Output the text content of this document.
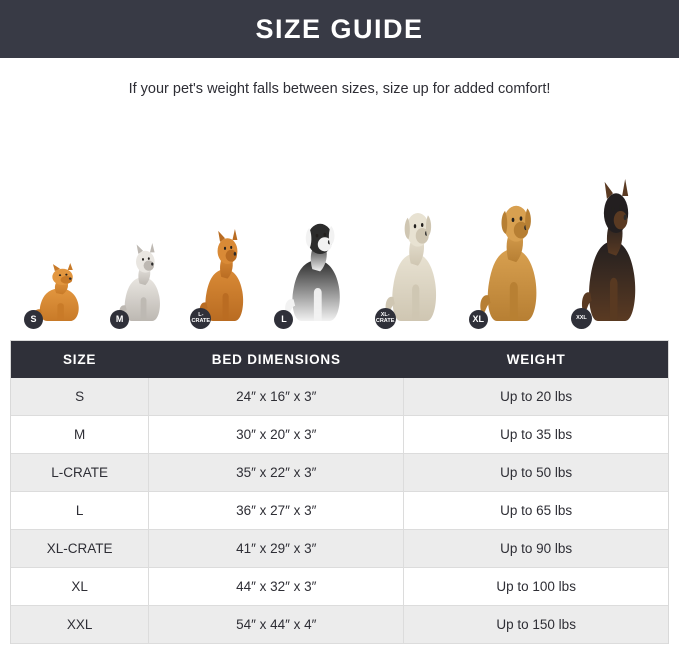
SIZE GUIDE
If your pet's weight falls between sizes, size up for added comfort!
S	M	L-CRATE	L	XL-CRATE	XL	XXL
SIZE	BED DIMENSIONS	WEIGHT
S	24″ x 16″ x 3″	Up to 20 lbs
M	30″ x 20″ x 3″	Up to 35 lbs
L-CRATE	35″ x 22″ x 3″	Up to 50 lbs
L	36″ x 27″ x 3″	Up to 65 lbs
XL-CRATE	41″ x 29″ x 3″	Up to 90 lbs
XL	44″ x 32″ x 3″	Up to 100 lbs
XXL	54″ x 44″ x 4″	Up to 150 lbs
